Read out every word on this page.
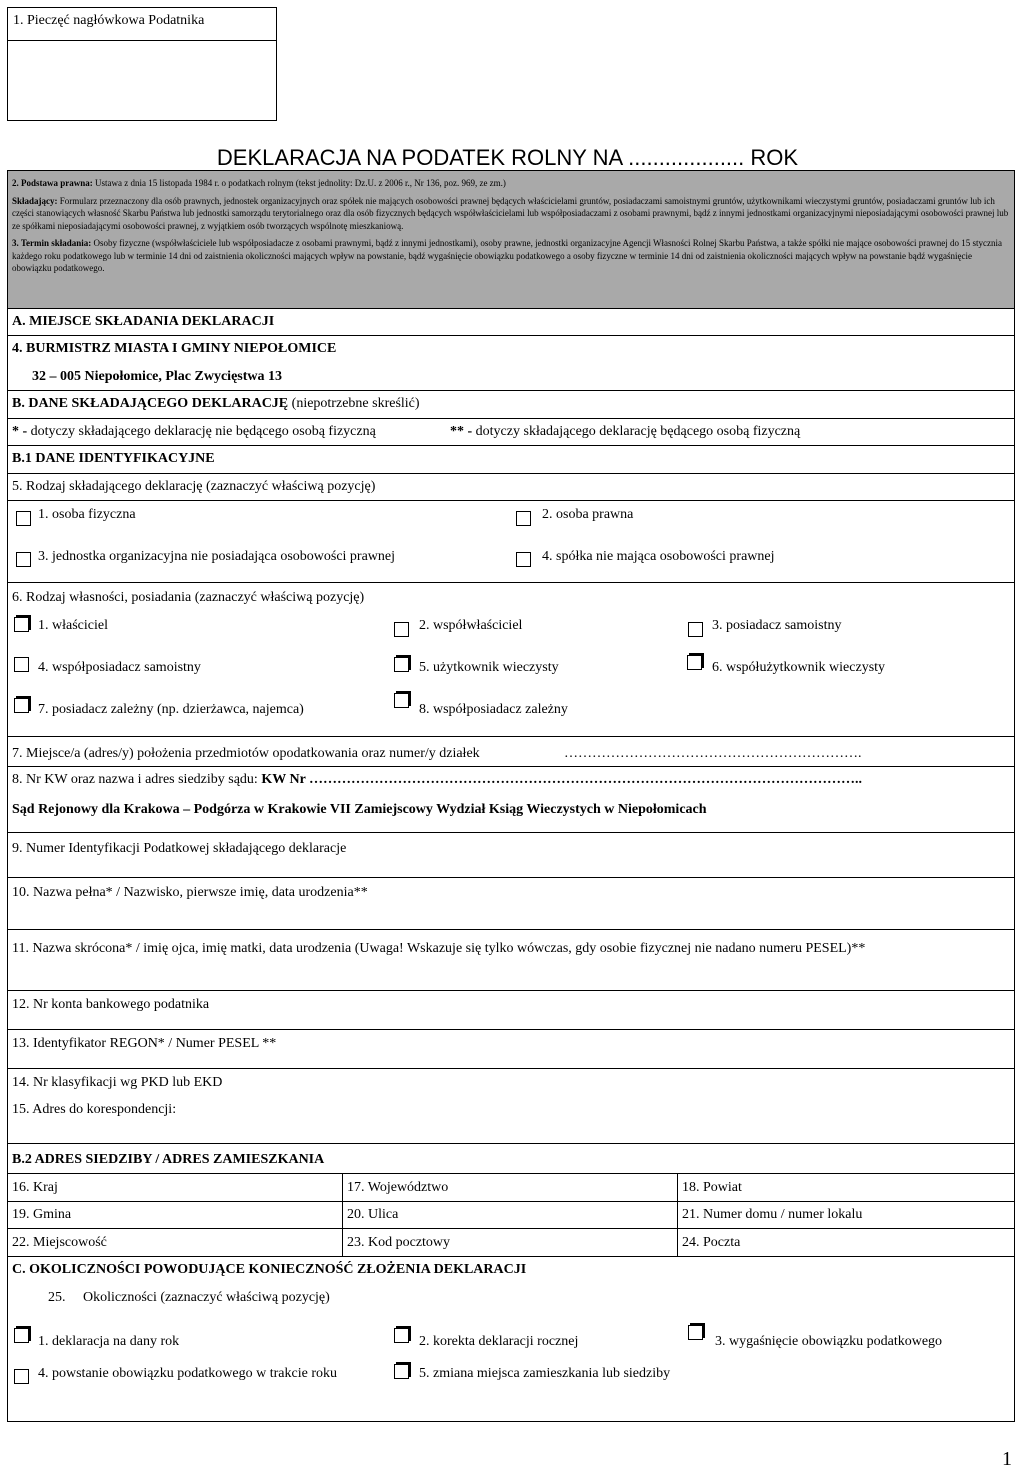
1. Pieczęć nagłówkowa Podatnika
DEKLARACJA NA PODATEK ROLNY NA ................... ROK

2. Podstawa prawna: Ustawa z dnia 15 listopada 1984 r. o podatkach rolnym (tekst jednolity: Dz.U. z 2006 r., Nr 136, poz. 969, ze zm.)

Składający: Formularz przeznaczony dla osób prawnych, jednostek organizacyjnych oraz spółek nie mających osobowości prawnej będących właścicielami gruntów, posiadaczami samoistnymi gruntów, użytkownikami wieczystymi gruntów, posiadaczami gruntów lub ich części stanowiących własność Skarbu Państwa lub jednostki samorządu terytorialnego oraz dla osób fizycznych będących współwłaścicielami lub współposiadaczami z osobami prawnymi, bądź z innymi jednostkami organizacyjnymi nieposiadającymi osobowości prawnej lub ze spółkami nieposiadającymi osobowości prawnej, z wyjątkiem osób tworzących wspólnotę mieszkaniową.

3. Termin składania: Osoby fizyczne (współwłaściciele lub współposiadacze z osobami prawnymi, bądź z innymi jednostkami), osoby prawne, jednostki organizacyjne Agencji Własności Rolnej Skarbu Państwa, a także spółki nie mające osobowości prawnej do 15 stycznia każdego roku podatkowego lub w terminie 14 dni od zaistnienia okoliczności mających wpływ na powstanie, bądź wygaśnięcie obowiązku podatkowego a osoby fizyczne w terminie 14 dni od zaistnienia okoliczności mających wpływ na powstanie bądź wygaśnięcie obowiązku podatkowego.

A. MIEJSCE SKŁADANIA DEKLARACJI
4. BURMISTRZ MIASTA I GMINY NIEPOŁOMICE
32 – 005 Niepołomice, Plac Zwycięstwa 13
B. DANE SKŁADAJĄCEGO DEKLARACJĘ (niepotrzebne skreślić)
* - dotyczy składającego deklarację nie będącego osobą fizyczną	** - dotyczy składającego deklarację będącego osobą fizyczną
B.1 DANE IDENTYFIKACYJNE
5. Rodzaj składającego deklarację (zaznaczyć właściwą pozycję)
1. osoba fizyczna	2. osoba prawna
3. jednostka organizacyjna nie posiadająca osobowości prawnej	4. spółka nie mająca osobowości prawnej
6. Rodzaj własności, posiadania (zaznaczyć właściwą pozycję)
1. właściciel	2. współwłaściciel	3. posiadacz samoistny
4. współposiadacz samoistny	5. użytkownik wieczysty	6. współużytkownik wieczysty
7. posiadacz zależny (np. dzierżawca, najemca)	8. współposiadacz zależny
7. Miejsce/a (adres/y) położenia przedmiotów opodatkowania oraz numer/y działek	……………………………………………………….
8. Nr KW oraz nazwa i adres siedziby sądu: KW Nr ………………………………………………………………………………………………………..
Sąd Rejonowy dla Krakowa – Podgórza w Krakowie VII Zamiejscowy Wydział Ksiąg Wieczystych w Niepołomicach
9. Numer Identyfikacji Podatkowej składającego deklaracje
10. Nazwa pełna* / Nazwisko, pierwsze imię, data urodzenia**
11. Nazwa skrócona* / imię ojca, imię matki, data urodzenia (Uwaga! Wskazuje się tylko wówczas, gdy osobie fizycznej nie nadano numeru PESEL)**
12. Nr konta bankowego podatnika
13. Identyfikator REGON* / Numer PESEL **
14. Nr klasyfikacji wg PKD lub EKD
15. Adres do korespondencji:
B.2 ADRES SIEDZIBY / ADRES ZAMIESZKANIA
16. Kraj	17. Województwo	18. Powiat
19. Gmina	20. Ulica	21. Numer domu / numer lokalu
22. Miejscowość	23. Kod pocztowy	24. Poczta
C. OKOLICZNOŚCI POWODUJĄCE KONIECZNOŚĆ ZŁOŻENIA DEKLARACJI
25.     Okoliczności (zaznaczyć właściwą pozycję)
1. deklaracja na dany rok	2. korekta deklaracji rocznej	3. wygaśnięcie obowiązku podatkowego
4. powstanie obowiązku podatkowego w trakcie roku	5. zmiana miejsca zamieszkania lub siedziby
1
